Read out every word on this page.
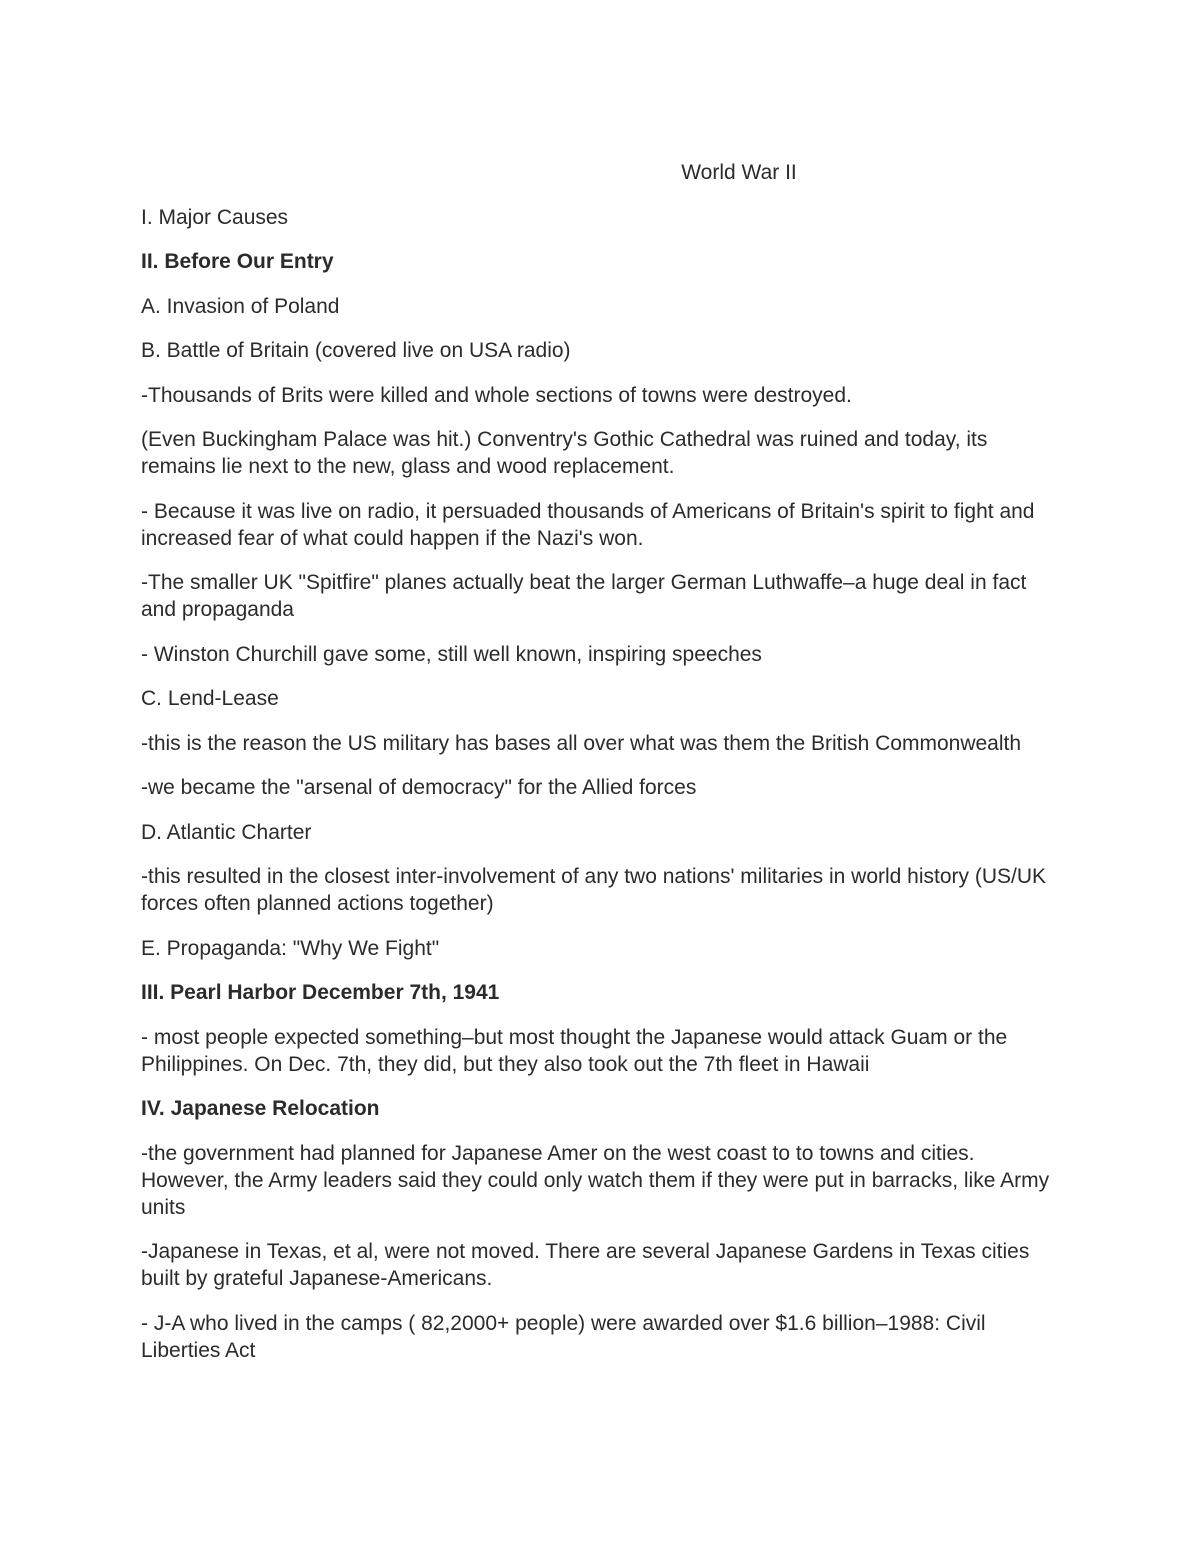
World War II

I. Major Causes

II. Before Our Entry

A. Invasion of Poland

B. Battle of Britain (covered live on USA radio)

-Thousands of Brits were killed and whole sections of towns were destroyed.

(Even Buckingham Palace was hit.) Conventry's Gothic Cathedral was ruined and today, its remains lie next to the new, glass and wood replacement.

- Because it was live on radio, it persuaded thousands of Americans of Britain's spirit to fight and increased fear of what could happen if the Nazi's won.

-The smaller UK "Spitfire" planes actually beat the larger German Luthwaffe–a huge deal in fact and propaganda

- Winston Churchill gave some, still well known, inspiring speeches

C. Lend-Lease

-this is the reason the US military has bases all over what was them the British Commonwealth

-we became the "arsenal of democracy" for the Allied forces

D. Atlantic Charter

-this resulted in the closest inter-involvement of any two nations' militaries in world history (US/UK forces often planned actions together)

E. Propaganda: "Why We Fight"

III. Pearl Harbor December 7th, 1941

- most people expected something–but most thought the Japanese would attack Guam or the Philippines. On Dec. 7th, they did, but they also took out the 7th fleet in Hawaii

IV. Japanese Relocation

-the government had planned for Japanese Amer on the west coast to to towns and cities. However, the Army leaders said they could only watch them if they were put in barracks, like Army units

-Japanese in Texas, et al, were not moved. There are several Japanese Gardens in Texas cities built by grateful Japanese-Americans.

- J-A who lived in the camps ( 82,2000+ people) were awarded over $1.6 billion–1988: Civil Liberties Act
